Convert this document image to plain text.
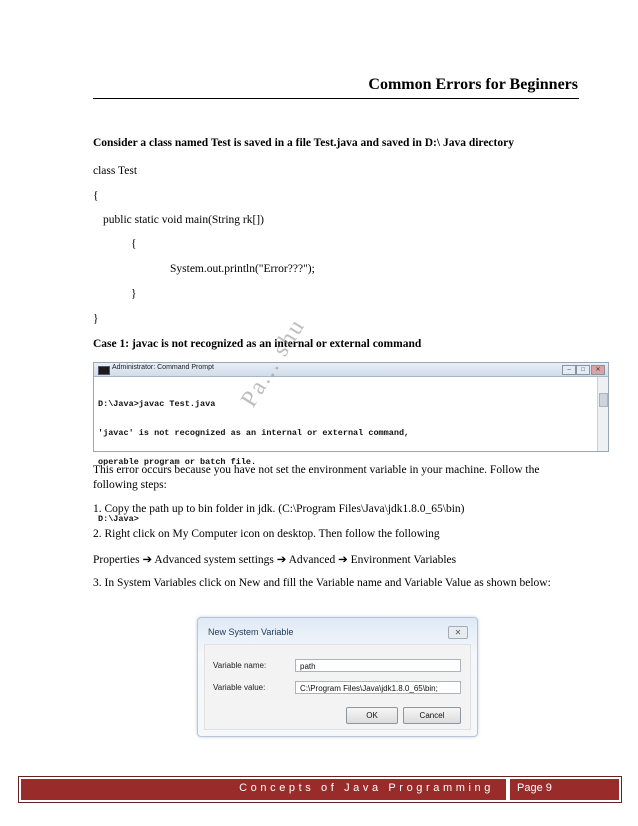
Common Errors for Beginners
Consider a class named Test is saved in a file Test.java and saved in D:\ Java directory
class Test
{
public static void main(String rk[])
{
System.out.println("Error???");
}
}
Case 1: javac is not recognized as an internal or external command
Administrator: Command Prompt	–	□	✕

D:\Java>javac Test.java

'javac' is not recognized as an internal or external command,

operable program or batch file.

D:\Java>

Pa... shu
This error occurs because you have not set the environment variable in your machine. Follow the following steps:
1. Copy the path up to bin folder in jdk. (C:\Program Files\Java\jdk1.8.0_65\bin)
2. Right click on My Computer icon on desktop. Then follow the following
Properties ➔ Advanced system settings ➔ Advanced ➔ Environment Variables
3. In System Variables click on New and fill the Variable name and Variable Value as shown below:
New System Variable	✕
Variable name:	path
Variable value:	C:\Program Files\Java\jdk1.8.0_65\bin;
OK	Cancel
Concepts of Java Programming Page 9
